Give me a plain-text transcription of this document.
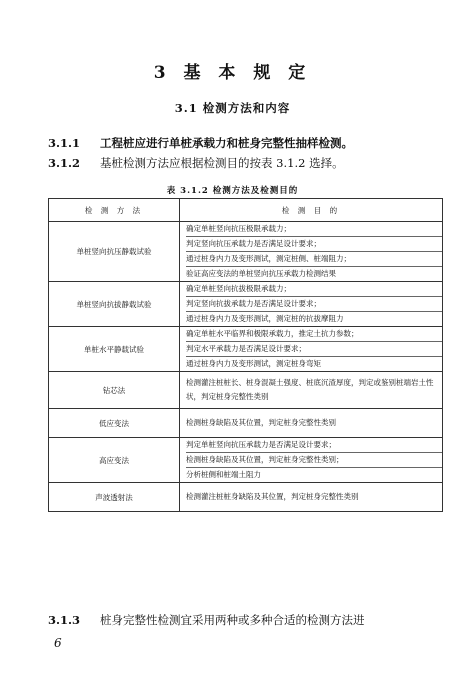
3 基 本 规 定
3.1 检测方法和内容
3.1.1 工程桩应进行单桩承载力和桩身完整性抽样检测。
3.1.2 基桩检测方法应根据检测目的按表 3.1.2 选择。
表 3.1.2 检测方法及检测目的
检 测 方 法	检 测 目 的
单桩竖向抗压静载试验	确定单桩竖向抗压极限承载力；
判定竖向抗压承载力是否满足设计要求；
通过桩身内力及变形测试，测定桩侧、桩端阻力；
验证高应变法的单桩竖向抗压承载力检测结果

单桩竖向抗拔静载试验	确定单桩竖向抗拔极限承载力；
判定竖向抗拔承载力是否满足设计要求；
通过桩身内力及变形测试，测定桩的抗拔摩阻力

单桩水平静载试验	确定单桩水平临界和极限承载力，推定土抗力参数；
判定水平承载力是否满足设计要求；
通过桩身内力及变形测试，测定桩身弯矩

钻芯法	检测灌注桩桩长、桩身混凝土强度、桩底沉渣厚度，判定或鉴别桩端岩土性状，判定桩身完整性类别

低应变法	检测桩身缺陷及其位置，判定桩身完整性类别

高应变法	判定单桩竖向抗压承载力是否满足设计要求；
检测桩身缺陷及其位置，判定桩身完整性类别；
分析桩侧和桩端土阻力

声波透射法	检测灌注桩桩身缺陷及其位置，判定桩身完整性类别
3.1.3 桩身完整性检测宜采用两种或多种合适的检测方法进
6
